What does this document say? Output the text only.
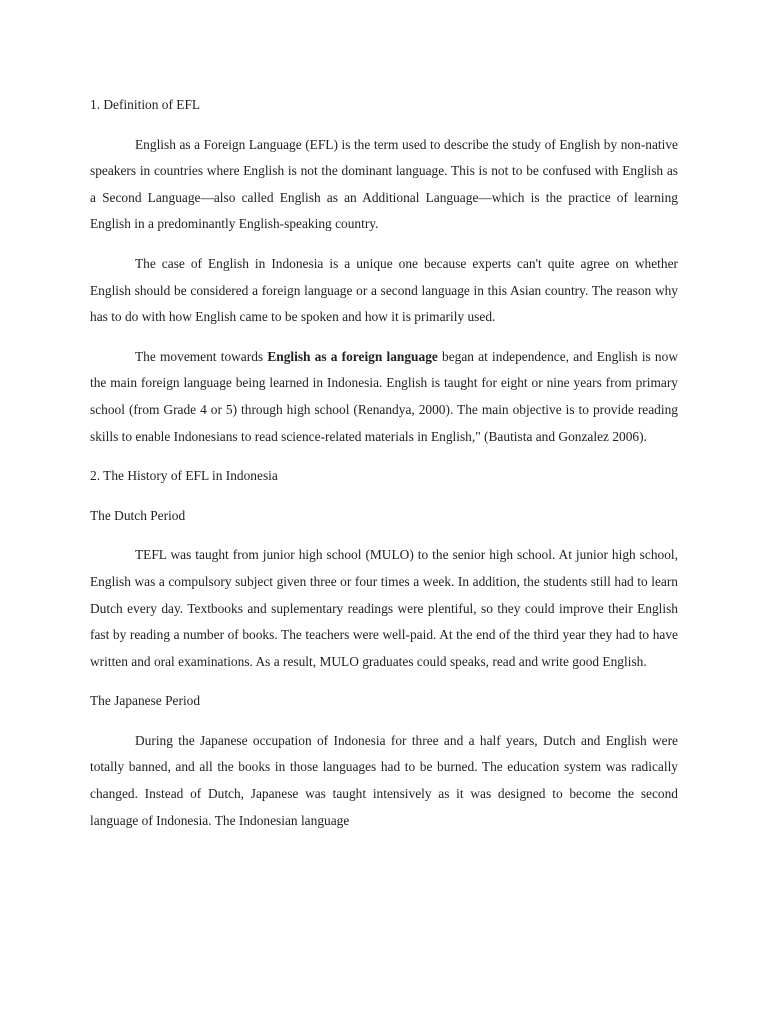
1. Definition of EFL

English as a Foreign Language (EFL) is the term used to describe the study of English by non-native speakers in countries where English is not the dominant language. This is not to be confused with English as a Second Language—also called English as an Additional Language—which is the practice of learning English in a predominantly English-speaking country.

The case of English in Indonesia is a unique one because experts can't quite agree on whether English should be considered a foreign language or a second language in this Asian country. The reason why has to do with how English came to be spoken and how it is primarily used.

The movement towards English as a foreign language began at independence, and English is now the main foreign language being learned in Indonesia. English is taught for eight or nine years from primary school (from Grade 4 or 5) through high school (Renandya, 2000). The main objective is to provide reading skills to enable Indonesians to read science-related materials in English," (Bautista and Gonzalez 2006).

2. The History of EFL in Indonesia
The Dutch Period

TEFL was taught from junior high school (MULO) to the senior high school. At junior high school, English was a compulsory subject given three or four times a week. In addition, the students still had to learn Dutch every day. Textbooks and suplementary readings were plentiful, so they could improve their English fast by reading a number of books. The teachers were well-paid. At the end of the third year they had to have written and oral examinations. As a result, MULO graduates could speaks, read and write good English.

The Japanese Period

During the Japanese occupation of Indonesia for three and a half years, Dutch and English were totally banned, and all the books in those languages had to be burned. The education system was radically changed. Instead of Dutch, Japanese was taught intensively as it was designed to become the second language of Indonesia. The Indonesian language
